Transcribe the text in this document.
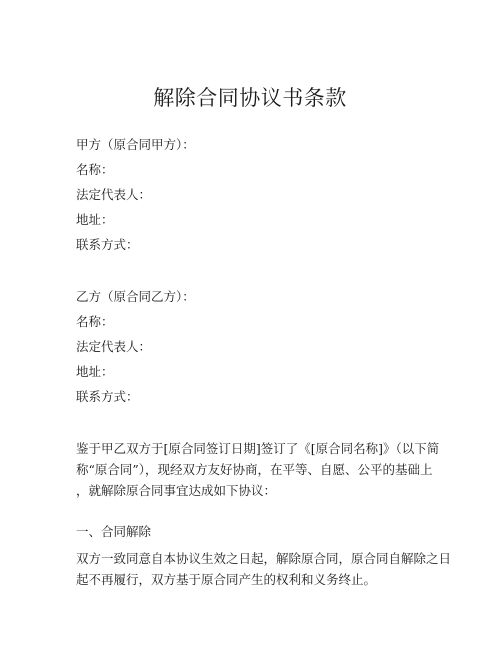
解除合同协议书条款

甲方（原合同甲方）：

名称：

法定代表人：

地址：

联系方式：

乙方（原合同乙方）：

名称：

法定代表人：

地址：

联系方式：

鉴于甲乙双方于[原合同签订日期]签订了《[原合同名称]》（以下简

称“原合同”），现经双方友好协商，在平等、自愿、公平的基础上

，就解除原合同事宜达成如下协议：

一、合同解除

双方一致同意自本协议生效之日起，解除原合同，原合同自解除之日

起不再履行，双方基于原合同产生的权利和义务终止。
